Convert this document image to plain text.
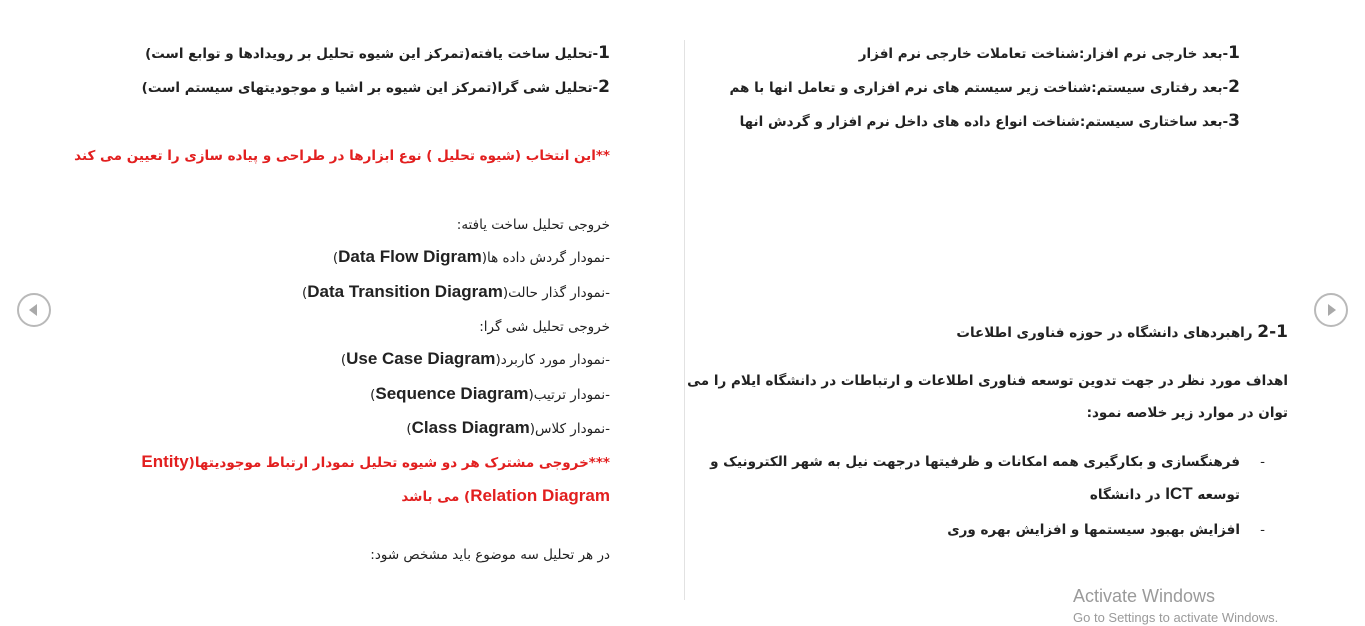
1-تحلیل ساخت یافته(تمرکز این شیوه تحلیل بر رویدادها و توابع است)
2-تحلیل شی گرا(تمرکز این شیوه بر اشیا و موجودیتهای سیستم است)
**این انتخاب (شیوه تحلیل ) نوع ابزارها در طراحی و پیاده سازی را تعیین می کند
خروجی تحلیل ساخت یافته:
-نمودار گردش داده ها(Data Flow Digram)
-نمودار گذار حالت(Data Transition Diagram)
خروجی تحلیل شی گرا:
-نمودار مورد کاربرد(Use Case Diagram)
-نمودار ترتیب(Sequence Diagram)
-نمودار کلاس(Class Diagram)
***خروجی مشترک هر دو شیوه تحلیل نمودار ارتباط موجودیتها(Entity
Relation Diagram) می باشد
در هر تحلیل سه موضوع باید مشخص شود:
1-بعد خارجی نرم افزار:شناخت تعاملات خارجی نرم افزار
2-بعد رفتاری سیستم:شناخت زیر سیستم های نرم افزاری و تعامل انها با هم
3-بعد ساختاری سیستم:شناخت انواع داده های داخل نرم افزار و گردش انها
2-1 راهبردهای دانشگاه در حوزه فناوری اطلاعات
اهداف مورد نظر در جهت تدوین توسعه فناوری اطلاعات و ارتباطات در دانشگاه ایلام را می
توان در موارد زیر خلاصه نمود:
-
فرهنگسازی و بکارگیری همه امکانات و ظرفیتها درجهت نیل به شهر الکترونیک و
توسعه ICT در دانشگاه
-
افزایش بهبود سیستمها و افزایش بهره وری
Activate Windows
Go to Settings to activate Windows.
